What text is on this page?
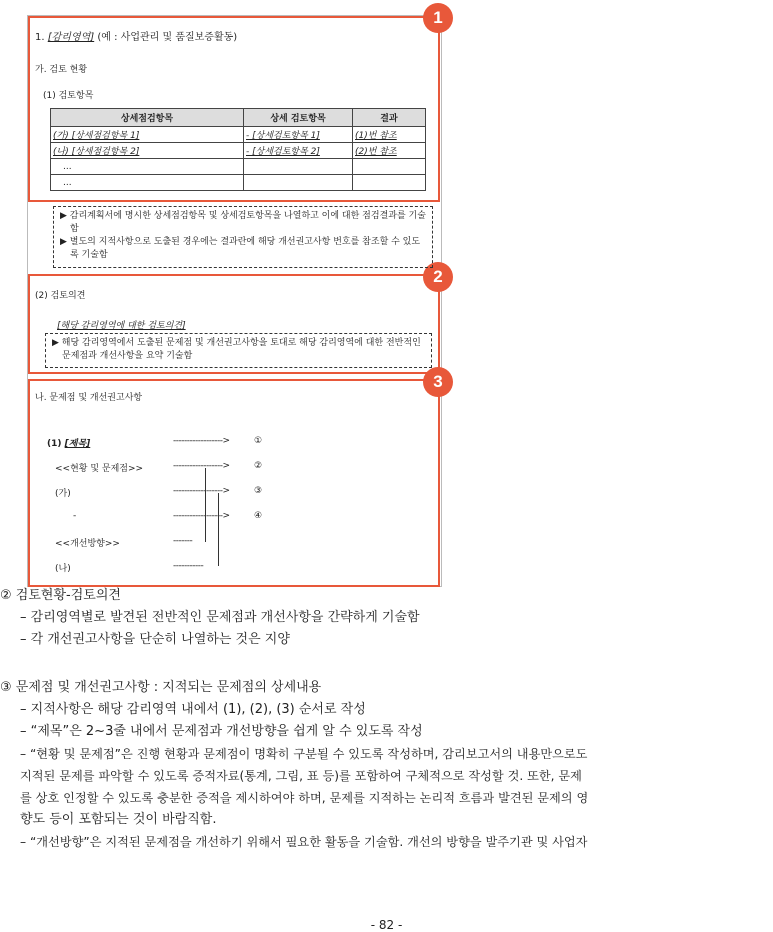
1
2
3
1. [감리영역] (예 : 사업관리 및 품질보증활동)
가. 검토 현황
(1) 검토항목
상세점검항목	상세 검토항목	결과
(가) [상세점검항목 1]	- [상세검토항목 1]	(1)번 참조
(나) [상세점검항목 2]	- [상세검토항목 2]	(2)번 참조
...		
...		

▶ 감리계획서에 명시한 상세점검항목 및 상세검토항목을 나열하고 이에 대한 점검결과를 기술함

▶ 별도의 지적사항으로 도출된 경우에는 결과란에 해당 개선권고사항 번호를 참조할 수 있도록 기술함

(2) 검토의견
[해당 감리영역에 대한 검토의견]

▶ 해당 감리영역에서 도출된 문제점 및 개선권고사항을 토대로 해당 감리영역에 대한 전반적인 문제점과 개선사항을 요약 기술함

나. 문제점 및 개선권고사항
(1) [제목]
<<현황 및 문제점>>
(가)
-
<<개선방향>>
(나)
------------------>
------------------>
------------------>
------------------>
-------
-----------
①
②
③
④
② 검토현황-검토의견
– 감리영역별로 발견된 전반적인 문제점과 개선사항을 간략하게 기술함
– 각 개선권고사항을 단순히 나열하는 것은 지양
③ 문제점 및 개선권고사항 : 지적되는 문제점의 상세내용
– 지적사항은 해당 감리영역 내에서 (1), (2), (3) 순서로 작성
– “제목”은 2~3줄 내에서 문제점과 개선방향을 쉽게 알 수 있도록 작성
– “현황 및 문제점”은 진행 현황과 문제점이 명확히 구분될 수 있도록 작성하며, 감리보고서의 내용만으로도
지적된 문제를 파악할 수 있도록 증적자료(통계, 그림, 표 등)를 포함하여 구체적으로 작성할 것. 또한, 문제
를 상호 인정할 수 있도록 충분한 증적을 제시하여야 하며, 문제를 지적하는 논리적 흐름과 발견된 문제의 영
향도 등이 포함되는 것이 바람직함.
– “개선방향”은 지적된 문제점을 개선하기 위해서 필요한 활동을 기술함. 개선의 방향을 발주기관 및 사업자
- 82 -
